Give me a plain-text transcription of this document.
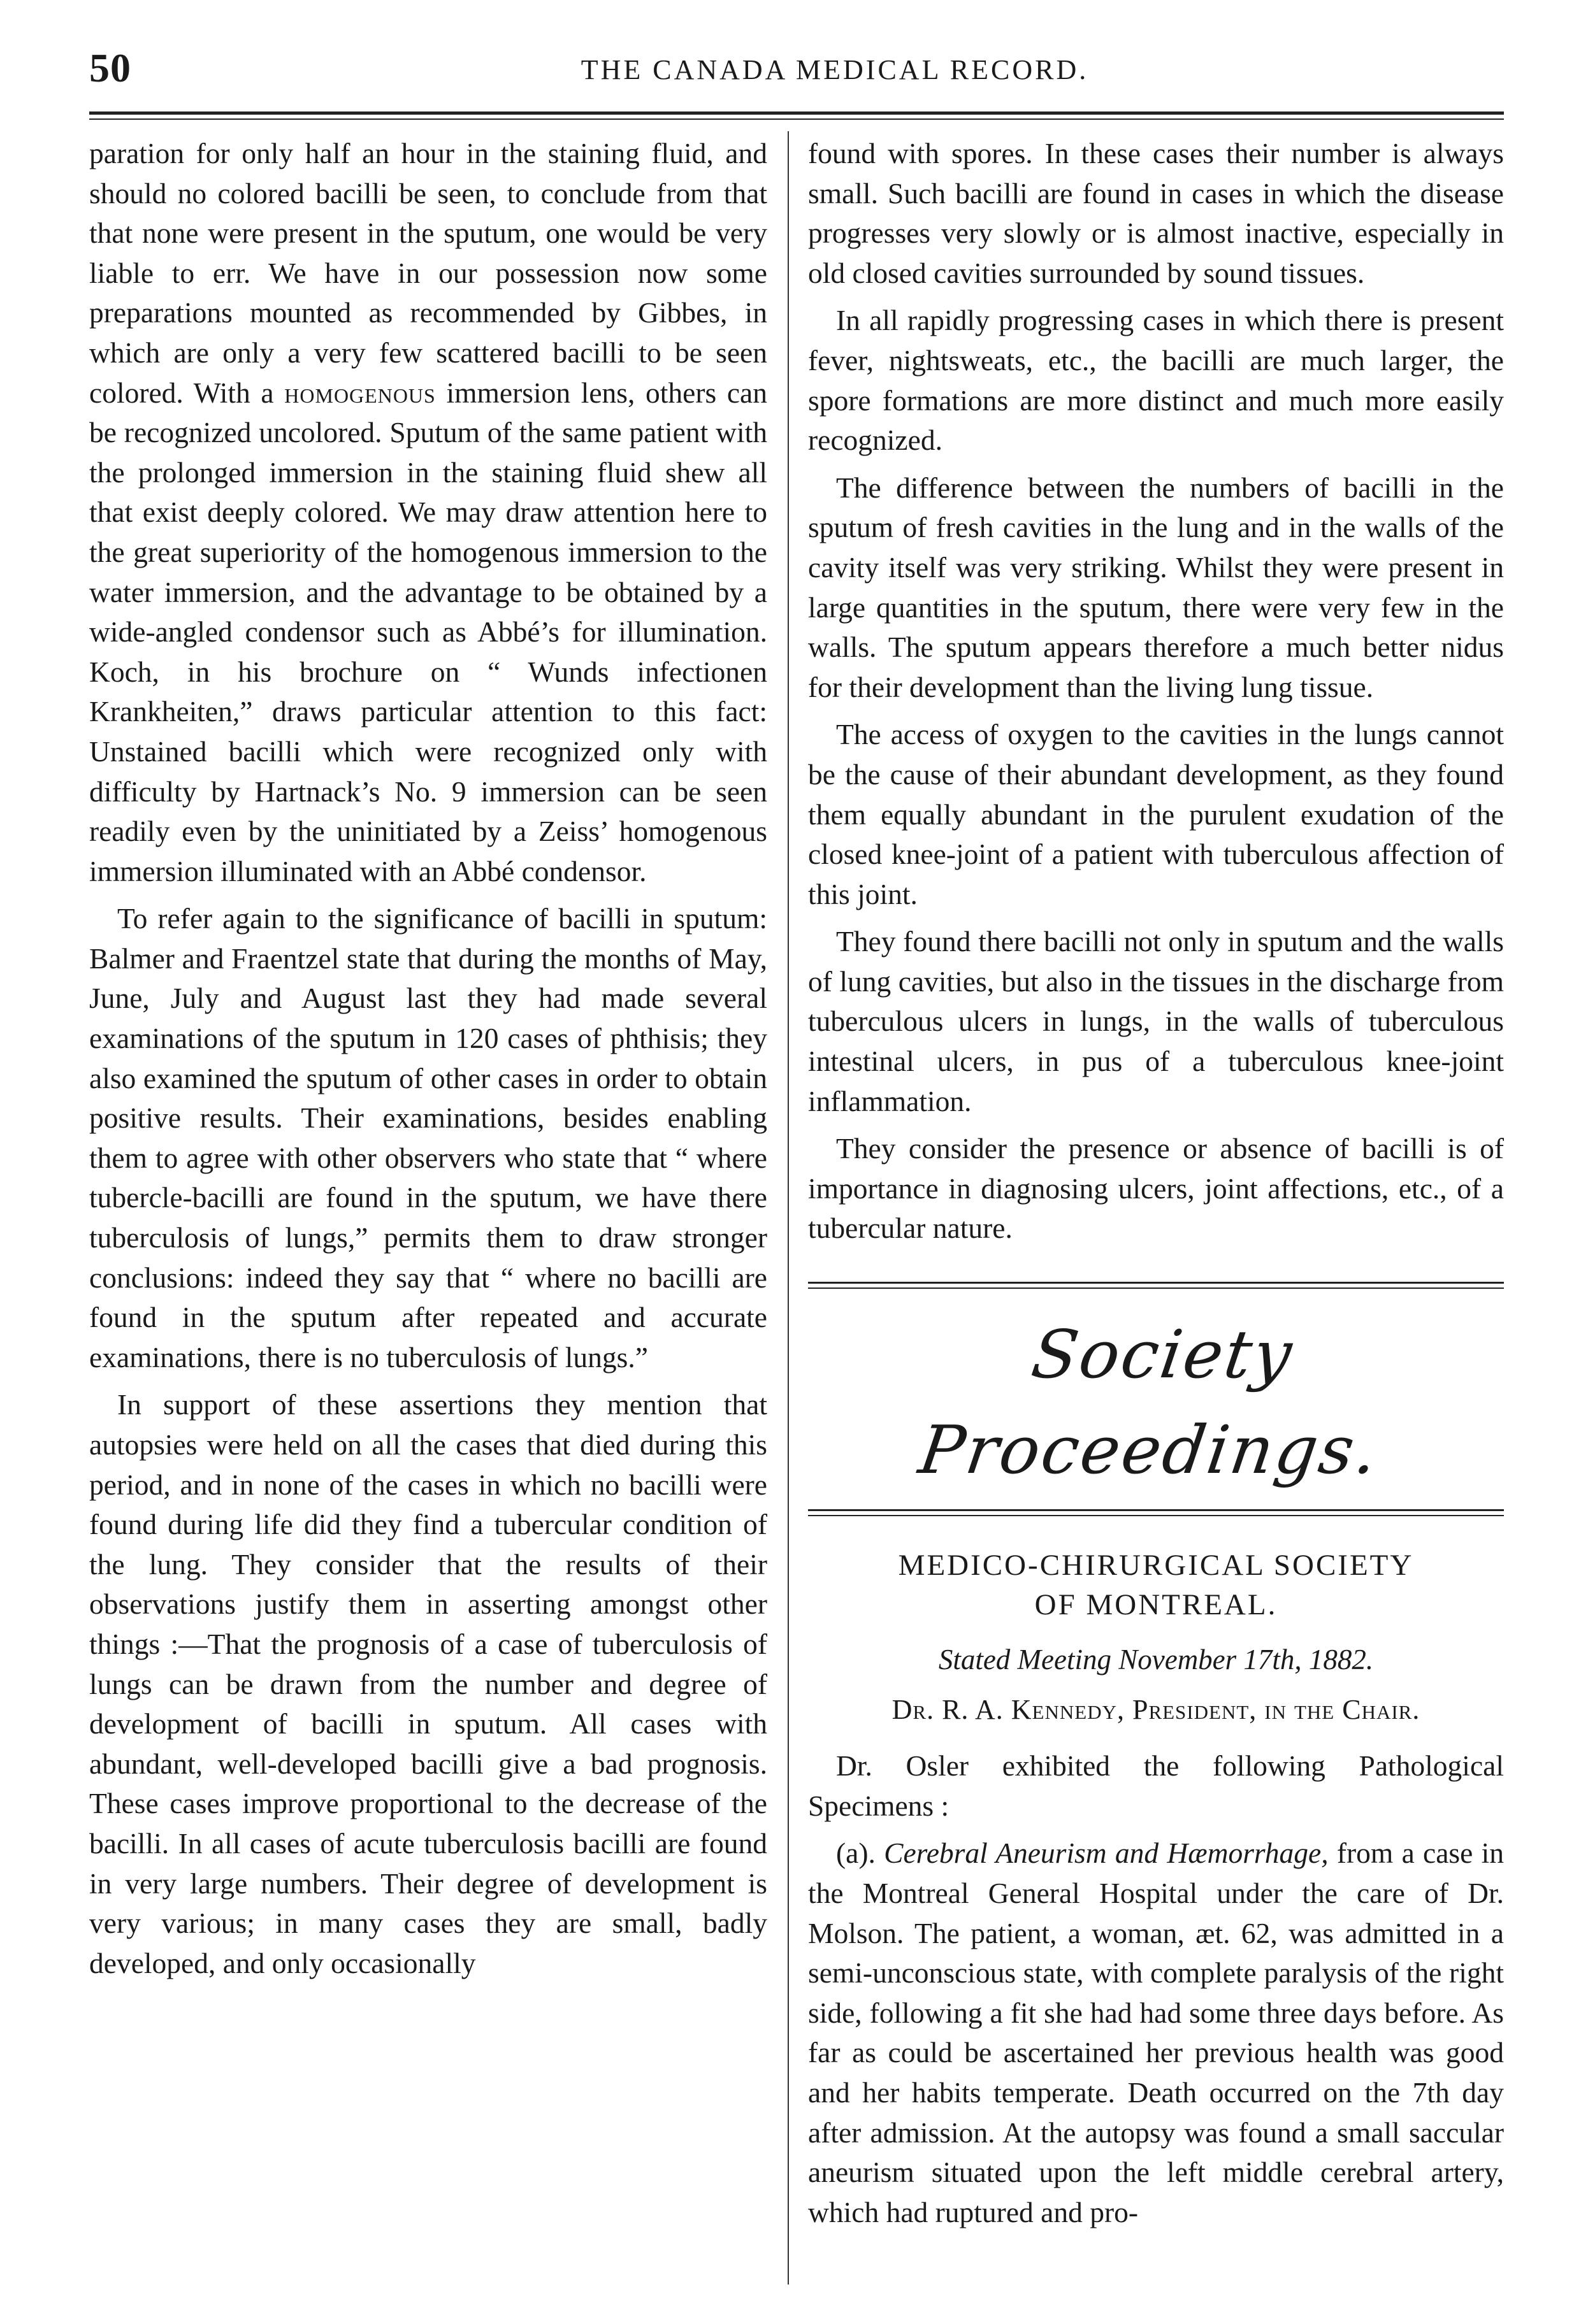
50	THE CANADA MEDICAL RECORD.

paration for only half an hour in the staining fluid, and should no colored bacilli be seen, to conclude from that that none were present in the sputum, one would be very liable to err. We have in our possession now some preparations mounted as recommended by Gibbes, in which are only a very few scattered bacilli to be seen colored. With a homogenous immersion lens, others can be recognized uncolored. Sputum of the same patient with the prolonged immersion in the staining fluid shew all that exist deeply colored. We may draw attention here to the great superiority of the homogenous immersion to the water immersion, and the advantage to be obtained by a wide-angled condensor such as Abbé’s for illumination. Koch, in his brochure on “ Wunds infectionen Krankheiten,” draws particular attention to this fact: Unstained bacilli which were recognized only with difficulty by Hartnack’s No. 9 immersion can be seen readily even by the uninitiated by a Zeiss’ homogenous immersion illuminated with an Abbé condensor.

To refer again to the significance of bacilli in sputum: Balmer and Fraentzel state that during the months of May, June, July and August last they had made several examinations of the sputum in 120 cases of phthisis; they also examined the sputum of other cases in order to obtain positive results. Their examinations, besides enabling them to agree with other observers who state that “ where tubercle-bacilli are found in the sputum, we have there tuberculosis of lungs,” permits them to draw stronger conclusions: indeed they say that “ where no bacilli are found in the sputum after repeated and accurate examinations, there is no tuberculosis of lungs.”

In support of these assertions they mention that autopsies were held on all the cases that died during this period, and in none of the cases in which no bacilli were found during life did they find a tubercular condition of the lung. They consider that the results of their observations justify them in asserting amongst other things :—That the prognosis of a case of tuberculosis of lungs can be drawn from the number and degree of development of bacilli in sputum. All cases with abundant, well-developed bacilli give a bad prognosis. These cases improve proportional to the decrease of the bacilli. In all cases of acute tuberculosis bacilli are found in very large numbers. Their degree of development is very various; in many cases they are small, badly developed, and only occasionally

found with spores. In these cases their number is always small. Such bacilli are found in cases in which the disease progresses very slowly or is almost inactive, especially in old closed cavities surrounded by sound tissues.

In all rapidly progressing cases in which there is present fever, nightsweats, etc., the bacilli are much larger, the spore formations are more distinct and much more easily recognized.

The difference between the numbers of bacilli in the sputum of fresh cavities in the lung and in the walls of the cavity itself was very striking. Whilst they were present in large quantities in the sputum, there were very few in the walls. The sputum appears therefore a much better nidus for their development than the living lung tissue.

The access of oxygen to the cavities in the lungs cannot be the cause of their abundant development, as they found them equally abundant in the purulent exudation of the closed knee-joint of a patient with tuberculous affection of this joint.

They found there bacilli not only in sputum and the walls of lung cavities, but also in the tissues in the discharge from tuberculous ulcers in lungs, in the walls of tuberculous intestinal ulcers, in pus of a tuberculous knee-joint inflammation.

They consider the presence or absence of bacilli is of importance in diagnosing ulcers, joint affections, etc., of a tubercular nature.

Society Proceedings.
MEDICO-CHIRURGICAL SOCIETY
OF MONTREAL.
Stated Meeting November 17th, 1882.
Dr. R. A. Kennedy, President, in the Chair.

Dr. Osler exhibited the following Pathological Specimens :

(a). Cerebral Aneurism and Hæmorrhage, from a case in the Montreal General Hospital under the care of Dr. Molson. The patient, a woman, æt. 62, was admitted in a semi-unconscious state, with complete paralysis of the right side, following a fit she had had some three days before. As far as could be ascertained her previous health was good and her habits temperate. Death occurred on the 7th day after admission. At the autopsy was found a small saccular aneurism situated upon the left middle cerebral artery, which had ruptured and pro-
